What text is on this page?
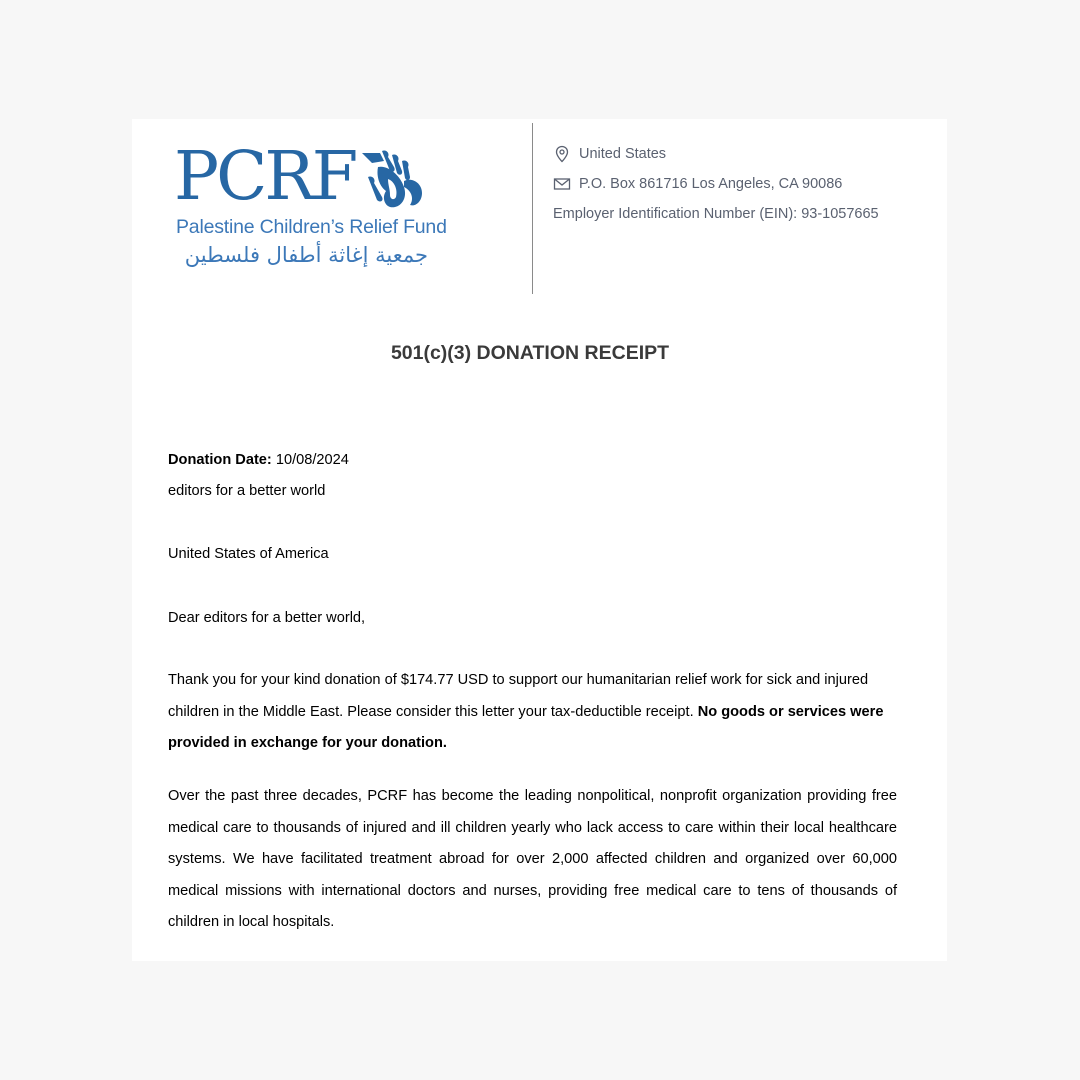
PCRF
Palestine Children’s Relief Fund
جمعية إغاثة أطفال فلسطين
United States
P.O. Box 861716 Los Angeles, CA 90086
Employer Identification Number (EIN): 93-1057665
501(c)(3) DONATION RECEIPT
Donation Date: 10/08/2024
editors for a better world
United States of America
Dear editors for a better world,
Thank you for your kind donation of $174.77 USD to support our humanitarian relief work for sick and injured children in the Middle East. Please consider this letter your tax-deductible receipt. No goods or services were provided in exchange for your donation.
Over the past three decades, PCRF has become the leading nonpolitical, nonprofit organization providing free medical care to thousands of injured and ill children yearly who lack access to care within their local healthcare systems. We have facilitated treatment abroad for over 2,000 affected children and organized over 60,000 medical missions with international doctors and nurses, providing free medical care to tens of thousands of children in local hospitals.
